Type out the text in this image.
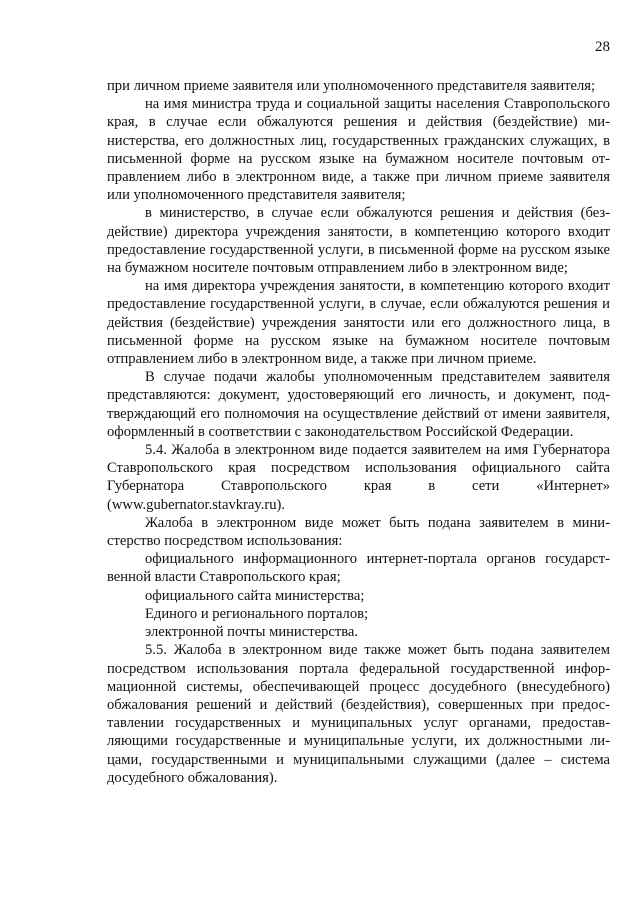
28

при личном приеме заявителя или уполномоченного представителя заявителя;

на имя министра труда и социальной защиты населения Ставропольского края, в случае если обжалуются решения и действия (бездействие) министерства, его должностных лиц, государственных гражданских служащих, в письменной форме на русском языке на бумажном носителе почтовым отправлением либо в электронном виде, а также при личном приеме заявителя или уполномоченного представителя заявителя;

в министерство, в случае если обжалуются решения и действия (бездействие) директора учреждения занятости, в компетенцию которого входит предоставление государственной услуги, в письменной форме на русском языке на бумажном носителе почтовым отправлением либо в электронном виде;

на имя директора учреждения занятости, в компетенцию которого входит предоставление государственной услуги, в случае, если обжалуются решения и действия (бездействие) учреждения занятости или его должностного лица, в письменной форме на русском языке на бумажном носителе почтовым отправлением либо в электронном виде, а также при личном приеме.

В случае подачи жалобы уполномоченным представителем заявителя представляются: документ, удостоверяющий его личность, и документ, подтверждающий его полномочия на осуществление действий от имени заявителя, оформленный в соответствии с законодательством Российской Федерации.

5.4. Жалоба в электронном виде подается заявителем на имя Губернатора Ставропольского края посредством использования официального сайта Губернатора Ставропольского края в сети «Интернет» (www.gubernator.stavkray.ru).

Жалоба в электронном виде может быть подана заявителем в министерство посредством использования:

официального информационного интернет-портала органов государственной власти Ставропольского края;

официального сайта министерства;

Единого и регионального порталов;

электронной почты министерства.

5.5. Жалоба в электронном виде также может быть подана заявителем посредством использования портала федеральной государственной информационной системы, обеспечивающей процесс досудебного (внесудебного) обжалования решений и действий (бездействия), совершенных при предоставлении государственных и муниципальных услуг органами, предоставляющими государственные и муниципальные услуги, их должностными лицами, государственными и муниципальными служащими (далее – система досудебного обжалования).
